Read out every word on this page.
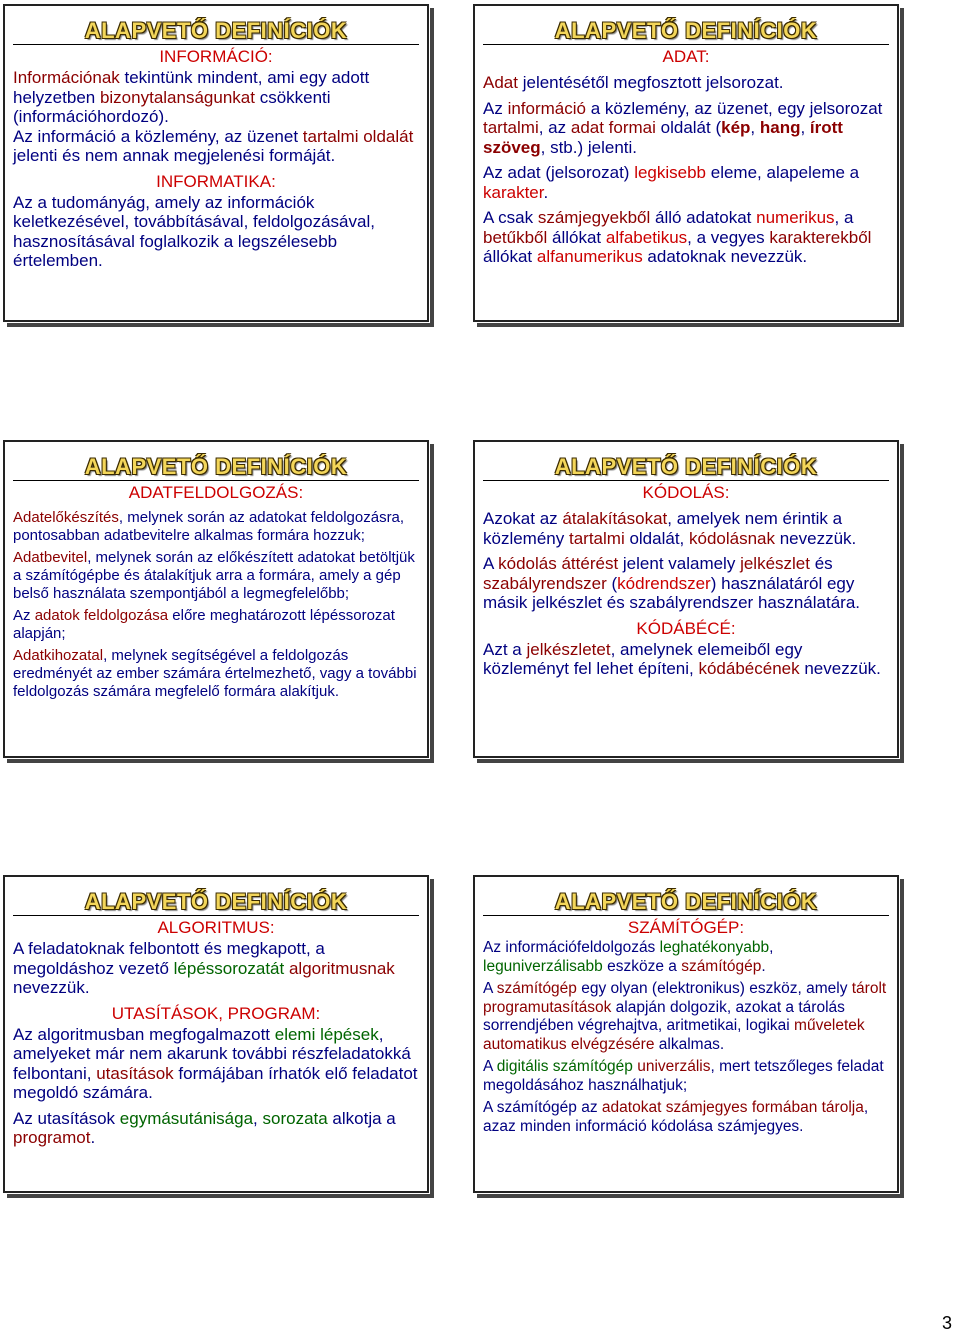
ALAPVETŐ DEFINÍCIÓK
INFORMÁCIÓ:
Információnak tekintünk mindent, ami egy adott helyzetben bizonytalanságunkat csökkenti (információhordozó).
Az információ a közlemény, az üzenet tartalmi oldalát jelenti és nem annak megjelenési formáját.
INFORMATIKA:
Az a tudományág, amely az információk keletkezésével, továbbításával, feldolgozásával, hasznosításával foglalkozik a legszélesebb értelemben.
ALAPVETŐ DEFINÍCIÓK
ADAT:
Adat jelentésétől megfosztott jelsorozat.
Az információ a közlemény, az üzenet, egy jelsorozat tartalmi, az adat formai oldalát (kép, hang, írott szöveg, stb.) jelenti.
Az adat (jelsorozat) legkisebb eleme, alapeleme a karakter.
A csak számjegyekből álló adatokat numerikus, a betűkből állókat alfabetikus, a vegyes karakterekből állókat alfanumerikus adatoknak nevezzük.
ALAPVETŐ DEFINÍCIÓK
ADATFELDOLGOZÁS:
Adatelőkészítés, melynek során az adatokat feldolgozásra, pontosabban adatbevitelre alkalmas formára hozzuk;
Adatbevitel, melynek során az előkészített adatokat betöltjük a számítógépbe és átalakítjuk arra a formára, amely a gép belső használata szempontjából a legmegfelelőbb;
Az adatok feldolgozása előre meghatározott lépéssorozat alapján;
Adatkihozatal, melynek segítségével a feldolgozás eredményét az ember számára értelmezhető, vagy a további feldolgozás számára megfelelő formára alakítjuk.
ALAPVETŐ DEFINÍCIÓK
KÓDOLÁS:
Azokat az átalakításokat, amelyek nem érintik a közlemény tartalmi oldalát, kódolásnak nevezzük.
A kódolás áttérést jelent valamely jelkészlet és szabályrendszer (kódrendszer) használatáról egy másik jelkészlet és szabályrendszer használatára.
KÓDÁBÉCÉ:
Azt a jelkészletet, amelynek elemeiből egy közleményt fel lehet építeni, kódábécének nevezzük.
ALAPVETŐ DEFINÍCIÓK
ALGORITMUS:
A feladatoknak felbontott és megkapott, a megoldáshoz vezető lépéssorozatát algoritmusnak nevezzük.
UTASÍTÁSOK, PROGRAM:
Az algoritmusban megfogalmazott elemi lépések, amelyeket már nem akarunk további részfeladatokká felbontani, utasítások formájában írhatók elő feladatot megoldó számára.
Az utasítások egymásutánisága, sorozata alkotja a programot.
ALAPVETŐ DEFINÍCIÓK
SZÁMÍTÓGÉP:
Az információfeldolgozás leghatékonyabb, leguniverzálisabb eszköze a számítógép.
A számítógép egy olyan (elektronikus) eszköz, amely tárolt programutasítások alapján dolgozik, azokat a tárolás sorrendjében végrehajtva, aritmetikai, logikai műveletek automatikus elvégzésére alkalmas.
A digitális számítógép univerzális, mert tetszőleges feladat megoldásához használhatjuk;
A számítógép az adatokat számjegyes formában tárolja, azaz minden információ kódolása számjegyes.
3
